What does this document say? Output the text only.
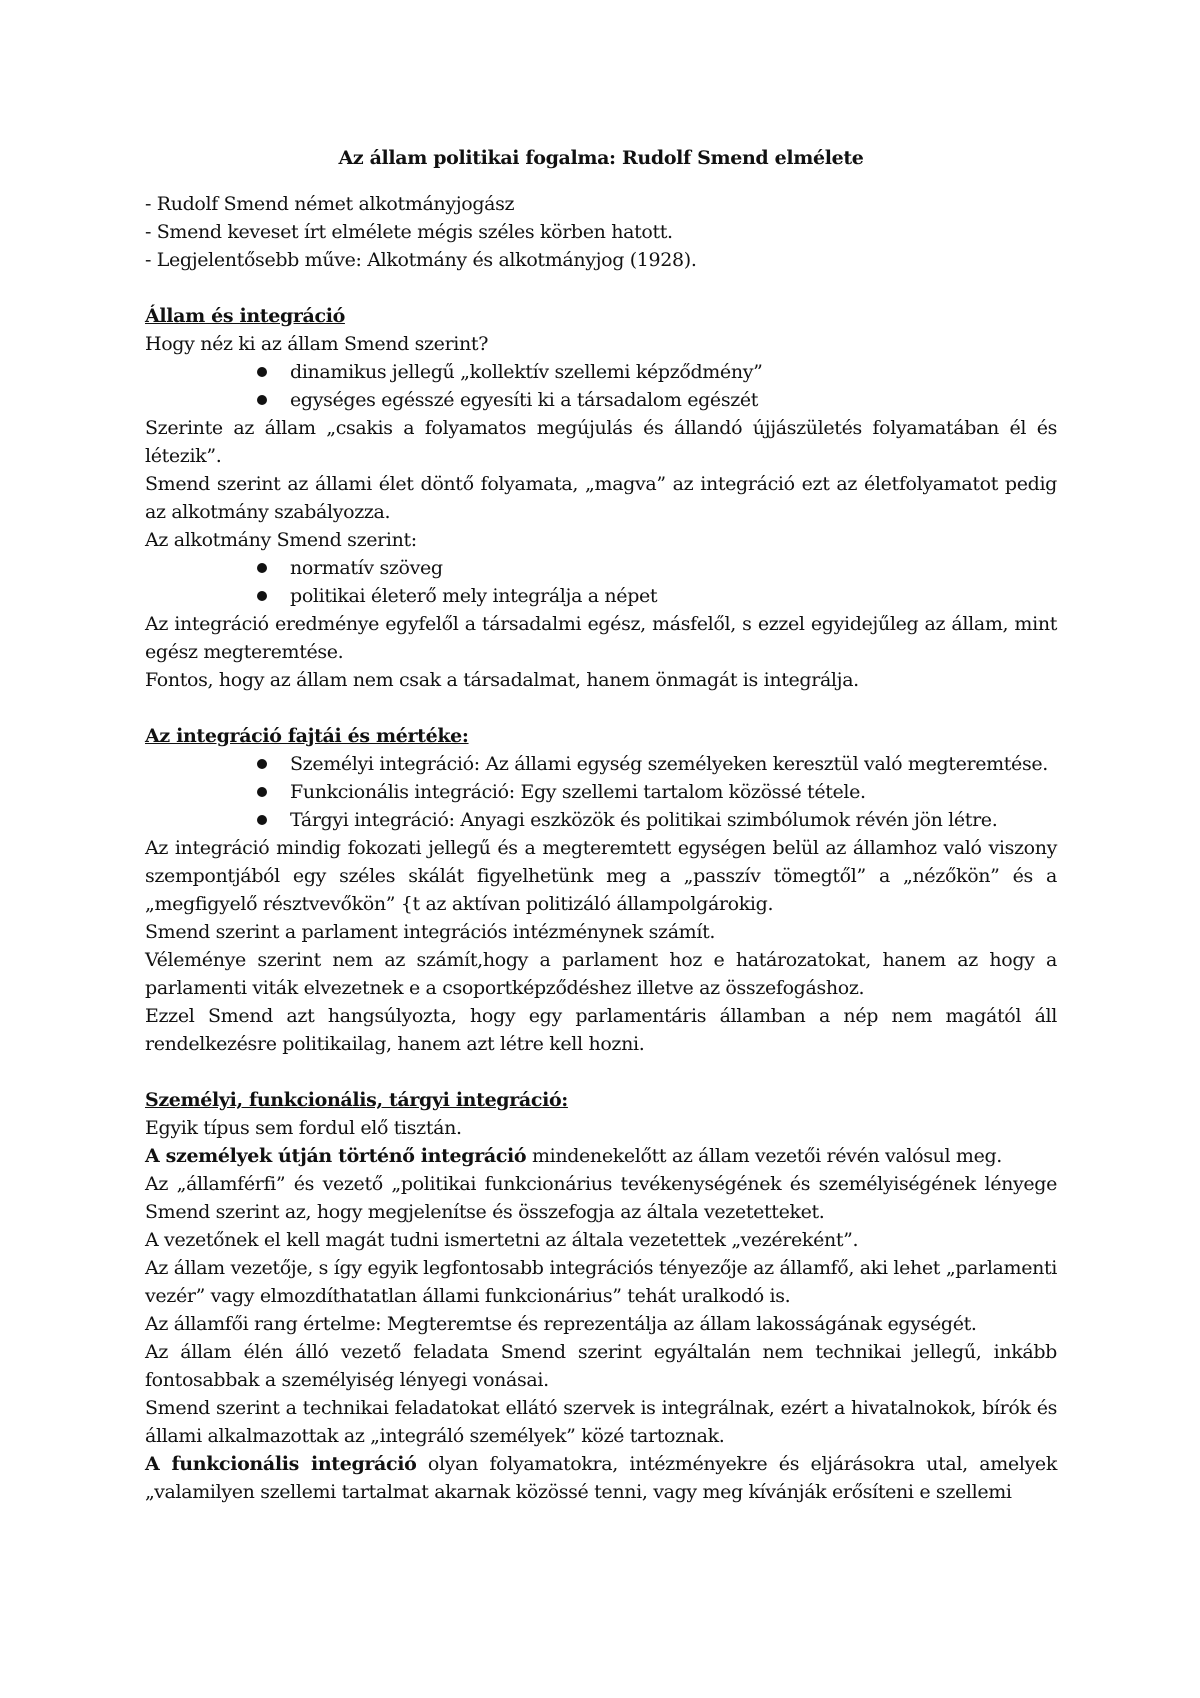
Az állam politikai fogalma: Rudolf Smend elmélete

- Rudolf Smend német alkotmányjogász

- Smend keveset írt elmélete mégis széles körben hatott.

- Legjelentősebb műve: Alkotmány és alkotmányjog (1928).

Állam és integráció

Hogy néz ki az állam Smend szerint?

dinamikus jellegű „kollektív szellemi képződmény”
egységes egésszé egyesíti ki a társadalom egészét

Szerinte az állam „csakis a folyamatos megújulás és állandó újjászületés folyamatában él és létezik”.

Smend szerint az állami élet döntő folyamata, „magva” az integráció ezt az életfolyamatot pedig az alkotmány szabályozza.

Az alkotmány Smend szerint:

normatív szöveg
politikai életerő mely integrálja a népet

Az integráció eredménye egyfelől a társadalmi egész, másfelől, s ezzel egyidejűleg az állam, mint egész megteremtése.

Fontos, hogy az állam nem csak a társadalmat, hanem önmagát is integrálja.

Az integráció fajtái és mértéke:

Személyi integráció: Az állami egység személyeken keresztül való megteremtése.
Funkcionális integráció: Egy szellemi tartalom közössé tétele.
Tárgyi integráció: Anyagi eszközök és politikai szimbólumok révén jön létre.

Az integráció mindig fokozati jellegű és a megteremtett egységen belül az államhoz való viszony szempontjából egy széles skálát figyelhetünk meg a „passzív tömegtől” a „nézőkön” és a „megfigyelő résztvevőkön” {t az aktívan politizáló állampolgárokig.

Smend szerint a parlament integrációs intézménynek számít.

Véleménye szerint nem az számít,hogy a parlament hoz e határozatokat, hanem az hogy a parlamenti viták elvezetnek e a csoportképződéshez illetve az összefogáshoz.

Ezzel Smend azt hangsúlyozta, hogy egy parlamentáris államban a nép nem magától áll rendelkezésre politikailag, hanem azt létre kell hozni.

Személyi, funkcionális, tárgyi integráció:

Egyik típus sem fordul elő tisztán.

A személyek útján történő integráció mindenekelőtt az állam vezetői révén valósul meg.

Az „államférfi” és vezető „politikai funkcionárius tevékenységének és személyiségének lényege Smend szerint az, hogy megjelenítse és összefogja az általa vezetetteket.

A vezetőnek el kell magát tudni ismertetni az általa vezetettek „vezéreként”.

Az állam vezetője, s így egyik legfontosabb integrációs tényezője az államfő, aki lehet „parlamenti vezér” vagy elmozdíthatatlan állami funkcionárius” tehát uralkodó is.

Az államfői rang értelme: Megteremtse és reprezentálja az állam lakosságának egységét.

Az állam élén álló vezető feladata Smend szerint egyáltalán nem technikai jellegű, inkább fontosabbak a személyiség lényegi vonásai.

Smend szerint a technikai feladatokat ellátó szervek is integrálnak, ezért a hivatalnokok, bírók és állami alkalmazottak az „integráló személyek” közé tartoznak.

A funkcionális integráció olyan folyamatokra, intézményekre és eljárásokra utal, amelyek „valamilyen szellemi tartalmat akarnak közössé tenni, vagy meg kívánják erősíteni e szellemi
